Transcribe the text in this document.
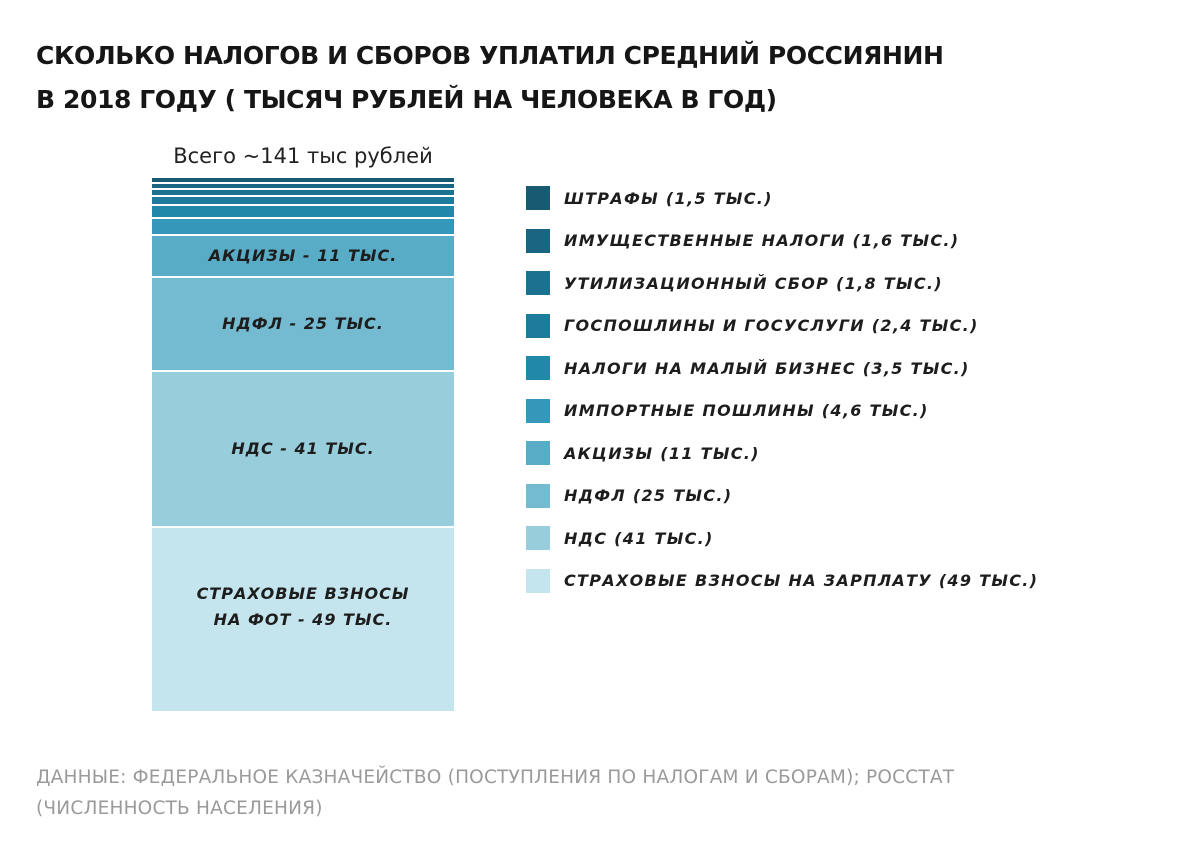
СКОЛЬКО НАЛОГОВ И СБОРОВ УПЛАТИЛ СРЕДНИЙ РОССИЯНИН
В 2018 ГОДУ ( ТЫСЯЧ РУБЛЕЙ НА ЧЕЛОВЕКА В ГОД)
Всего ~141 тыс рублей
АКЦИЗЫ - 11 ТЫС.
НДФЛ - 25 ТЫС.
НДС - 41 ТЫС.
СТРАХОВЫЕ ВЗНОСЫ
НА ФОТ - 49 ТЫС.
ШТРАФЫ (1,5 ТЫС.)
ИМУЩЕСТВЕННЫЕ НАЛОГИ (1,6 ТЫС.)
УТИЛИЗАЦИОННЫЙ СБОР (1,8 ТЫС.)
ГОСПОШЛИНЫ И ГОСУСЛУГИ (2,4 ТЫС.)
НАЛОГИ НА МАЛЫЙ БИЗНЕС (3,5 ТЫС.)
ИМПОРТНЫЕ ПОШЛИНЫ (4,6 ТЫС.)
АКЦИЗЫ (11 ТЫС.)
НДФЛ (25 ТЫС.)
НДС (41 ТЫС.)
СТРАХОВЫЕ ВЗНОСЫ НА ЗАРПЛАТУ (49 ТЫС.)
ДАННЫЕ: ФЕДЕРАЛЬНОЕ КАЗНАЧЕЙСТВО (ПОСТУПЛЕНИЯ ПО НАЛОГАМ И СБОРАМ); РОССТАТ
(ЧИСЛЕННОСТЬ НАСЕЛЕНИЯ)
